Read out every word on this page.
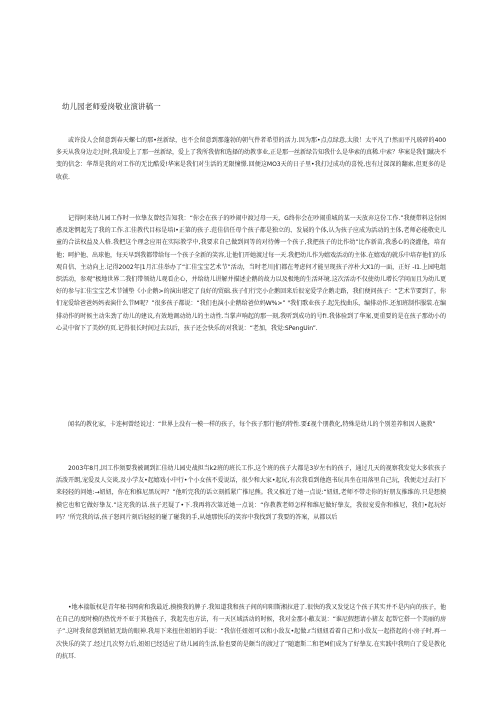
幼儿园老师爱岗敬业演讲稿一

或许没人会留意到春天螺七的那•丝新绿，也不会留意到那蓬勃的朝气件者希望的活力.因为那•点点绿意,太殷！太平凡了!然而平凡玻碎的400多天从我身边走过时,我却爱上了那一丝新绿，爱上了我所我倩和选择的幼教事业,正是那一丝新绿告知我什么是华索的真稀.中索？华案是我们蹴决不变的信念：华帮是我的对工作的无比酷爱!华案是我们对生活的无限憧憬.回便这MO3天的日子里•我打过成功的喜悦,也有过深深的翻索,但更多的是收获.

记得阿来幼儿园工作时一位挚友曾经告知我：“你会在孩子的吵闹中渡过母一天，G终你会在吵闹重城的某一天放弃这份工作.”我便带料这份困惑及迷惘起先了我的工作.汇佳教代目标是培I•正第的孩子.范佳信任母个孩子都是独立的、发展的个体,认为孩子应成为活动的主体,老师必能敬史儿童的合法权益及人格.我把这个理念应用在实际教学中,我要求自己做到问等的对待傅一个孩子,我把孩子的比作幼”比作新苗,我悉心的浇灌他，培育他；呵护他、出球他，每天早到我都带给每一个孩子全新的笑容,让他们开她渡过每一天.我把幼儿作为嬉戏活动的主体.在嬉戏的就乐中培存他们的乐观自信、主动向上.记得2002年|1月汇佳举办了“汇佳宝宝艺术节”活动，当时老川|们都在考虑何才能呈现孩子淳朴大X1的一面，正好 -I1.上园电组织活动，参观”极地世界二我们带领幼儿观看企心，并给幼儿讲解并描述企鹅的故力以及极地的生活环境.这次活动不仅使幼儿增长学问而且为幼儿更好的参与汇佳宝宝艺术节铺垫《小企鹅>的演出堪定了良好的贸础.孩子们行完小企鹅回来后很宠爱学企鹅走路，我们便问孩子：“艺术节要到了，你们宠爱给爸爸妈妈表演什么节M呢？”很多孩子都说：“我们也演小企鹅给爸位妈W%>” "我们歌业孩子.起先找曲乐，编排动作.还加班制作服装.在编排动作的时候主动朱劲了幼儿的建议,有效地调动幼儿的主动性.当掌声响起的那一刻,我听到成功的号f!.我体验到了华案,更重要的是在孩子那幼小的心灵中留下了美妙的页.记得很长时间过去以后，孩子还会快乐的对我说：“老加，我觉:SPengUin”.

闻名的教化家，卡连柯曾经说过：“世界上没有一模一样的孩子，每个孩子那行他的特性.要£视个朋教化,特殊是幼儿的个别差养和因人施教”

2003年8月,因工作须要我被调到汇佳幼儿园史战担当k2班的班长工作,这个班的孩子大都是3岁左右的孩子，通过几天的视察我发觉大多软孩子活泼开朗,宠爱及人交谈,及小学友•起嬉戏小中行•个小女孩不爱说话，很少和大家•起玩,有次我看到他泡书玩具坐在用落里自己玩，我便走过去打下来轻轻的问她:→妞妞，你在和推尼黑玩吗？”他听完我的话立刻抓紧广推尼熊。我又推近了她一点说:“妞妞,老师不带走你的好朋友推维的.只是想摸摸它也和它做好挚友.”这充我的话.孩子迟疑了•下.我再将次第近她一点说：“你教教老师怎样和维尼做好挚友，我很宠爱你和推尼，我们•起玩好吗？'所完我的话,孩子怒问片刻后轻轻的碰了碰我的手,从她那快乐的笑容中我找到了我要的答案，从都以后

•地本揣版权是青年秘书网荷和我最近,摸摸我的脾子.我知道我和孩子间的印阳斯湘拉进了.很快的我又发觉这个孩子其实并不是内向的孩子，他在自己的度时模的热忱并不亚于其他孩子，我起先也方法，有一天区域活动的时候，我对金那小敝友说：“谁尼假想请小猪友 起帮它搭一个美丽的房子”.这时我留意到妞妞无助的眼神.我用下来扭住妞妞的手说：“我信任妞妞可以和小敌友•起做.r当妞妞看着自己和小敌友一起搭起的小房子时,再一次快乐的笑了.经过几次努力后,妞妞已经适应了幼儿园的生活,脸也要的是颇当的渡过了”随遗斯二和老M们成为了好挚友.在实践中我明白了爱是教化的抗耳.
